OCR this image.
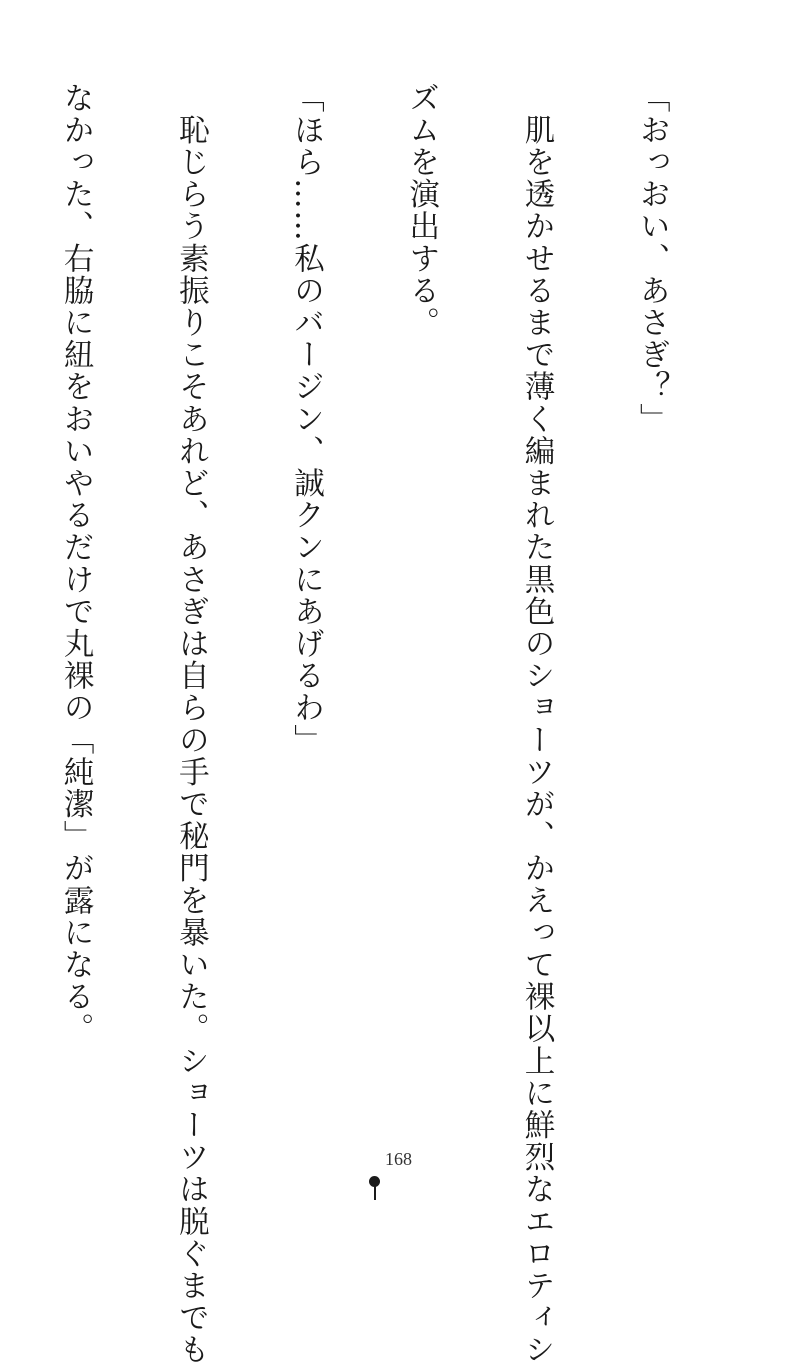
「おっおい、あさぎ？」

　肌を透かせるまで薄く編まれた黒色のショーツが、かえって裸以上に鮮烈なエロティシ

ズムを演出する。

「ほら……私のバージン、誠クンにあげるわ」

　恥じらう素振りこそあれど、あさぎは自らの手で秘門を暴いた。ショーツは脱ぐまでも

なかった、右脇に紐をおいやるだけで丸裸の「純潔」が露になる。

168
